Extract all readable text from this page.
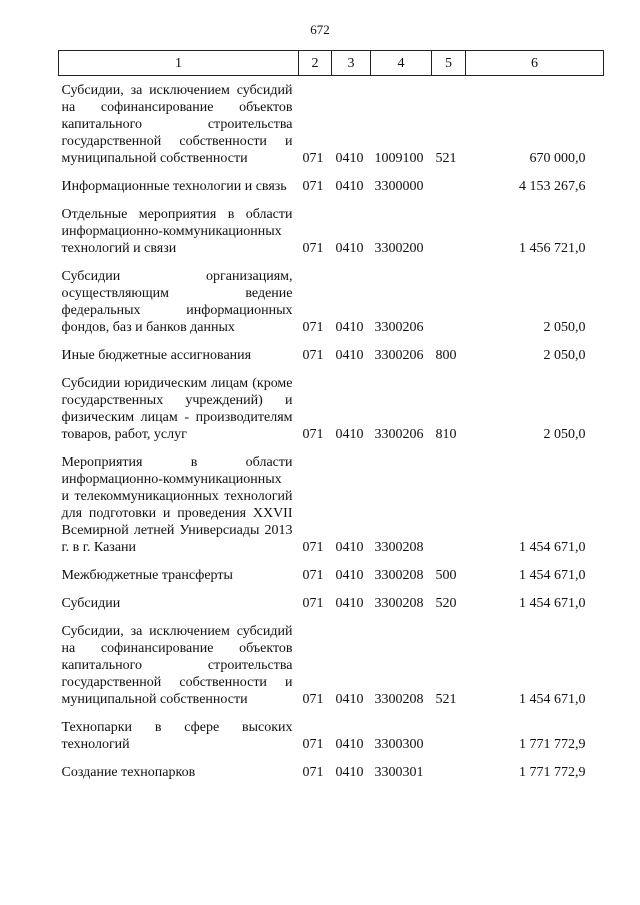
672
1	2	3	4	5	6
Субсидии, за исключением субсидий на софинансирование объектов капитального строительства государственной собственности и муниципальной собственности	071	0410	1009100	521	670 000,0
Информационные технологии и связь	071	0410	3300000		4 153 267,6
Отдельные мероприятия в области информационно-коммуникационных технологий и связи	071	0410	3300200		1 456 721,0
Субсидии организациям, осуществляющим ведение федеральных информационных фондов, баз и банков данных	071	0410	3300206		2 050,0
Иные бюджетные ассигнования	071	0410	3300206	800	2 050,0
Субсидии юридическим лицам (кроме государственных учреждений) и физическим лицам - производителям товаров, работ, услуг	071	0410	3300206	810	2 050,0
Мероприятия в области информационно-коммуникационных и телекоммуникационных технологий для подготовки и проведения XXVII Всемирной летней Универсиады 2013 г. в г. Казани	071	0410	3300208		1 454 671,0
Межбюджетные трансферты	071	0410	3300208	500	1 454 671,0
Субсидии	071	0410	3300208	520	1 454 671,0
Субсидии, за исключением субсидий на софинансирование объектов капитального строительства государственной собственности и муниципальной собственности	071	0410	3300208	521	1 454 671,0
Технопарки в сфере высоких технологий	071	0410	3300300		1 771 772,9
Создание технопарков	071	0410	3300301		1 771 772,9
